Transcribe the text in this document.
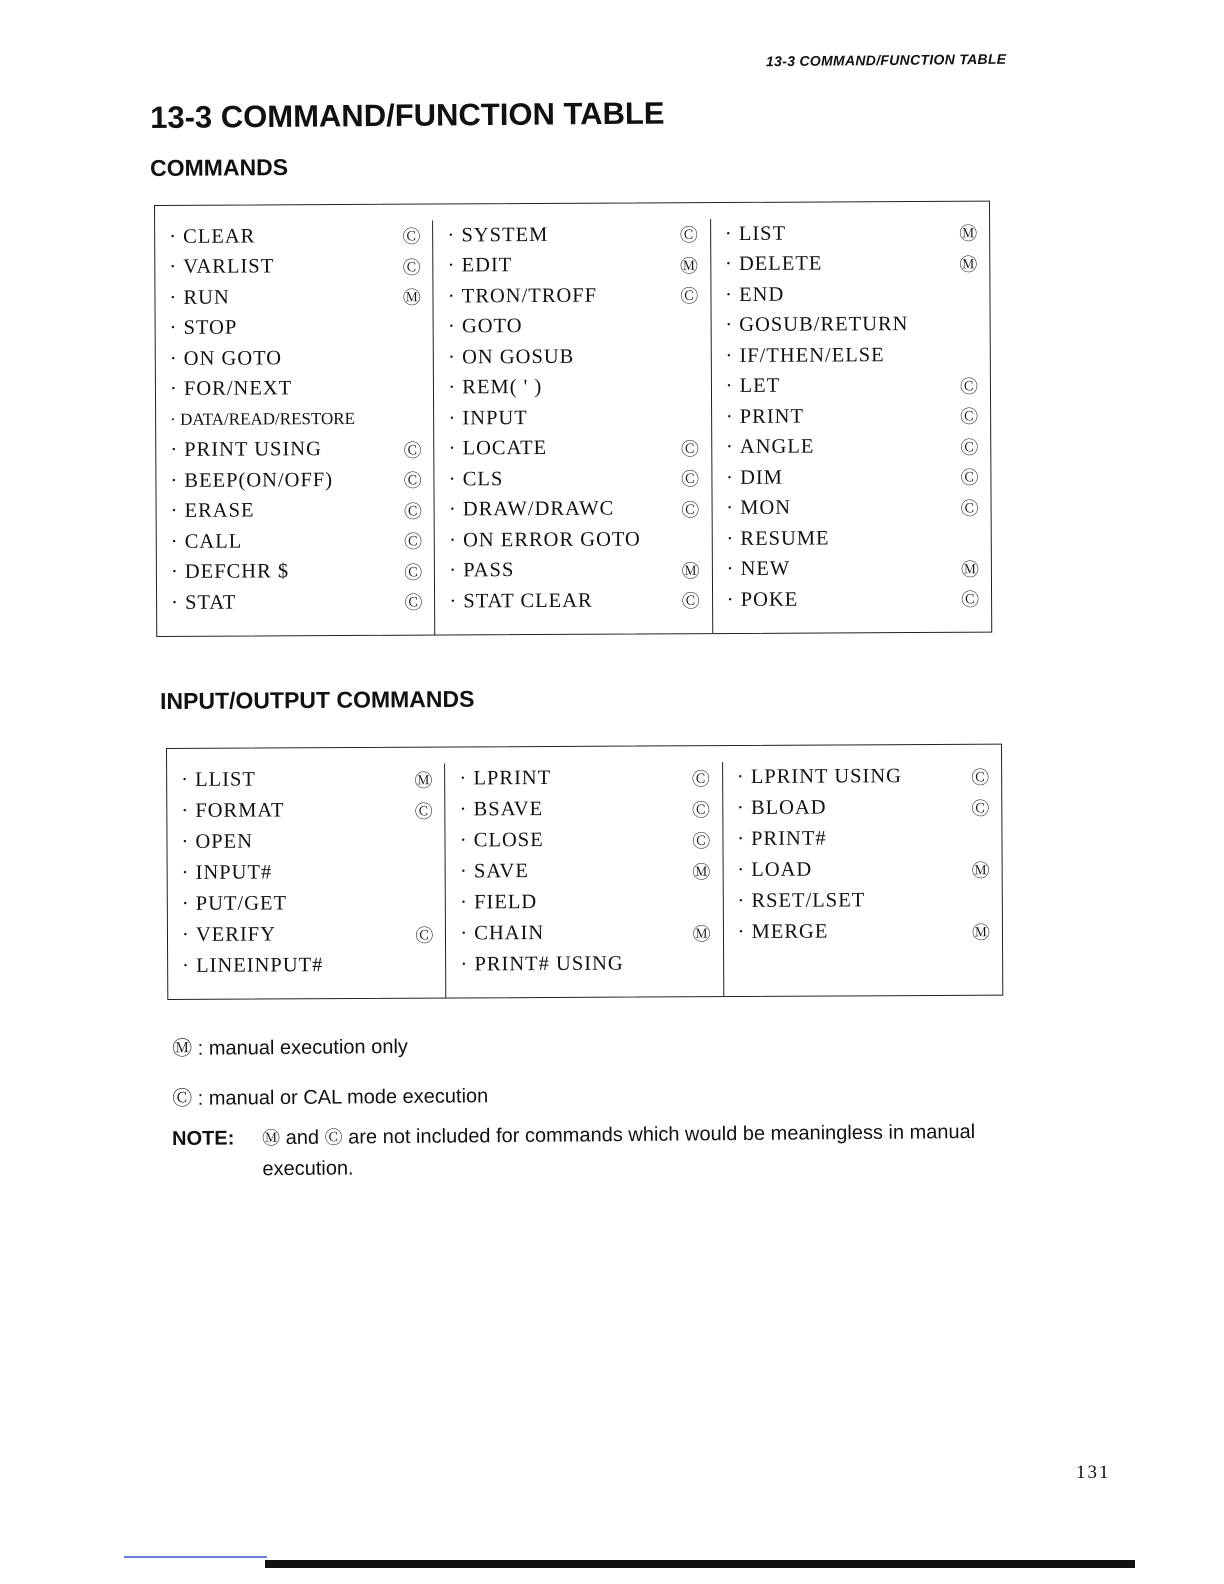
13-3 COMMAND/FUNCTION TABLE
13-3 COMMAND/FUNCTION TABLE
COMMANDS
· CLEAR	Ⓒ
· VARLIST	Ⓒ
· RUN	Ⓜ
· STOP
· ON GOTO
· FOR/NEXT
· DATA/READ/RESTORE
· PRINT USING	Ⓒ
· BEEP(ON/OFF)	Ⓒ
· ERASE	Ⓒ
· CALL	Ⓒ
· DEFCHR $	Ⓒ
· STAT	Ⓒ
· SYSTEM	Ⓒ
· EDIT	Ⓜ
· TRON/TROFF	Ⓒ
· GOTO
· ON GOSUB
· REM( ' )
· INPUT
· LOCATE	Ⓒ
· CLS	Ⓒ
· DRAW/DRAWC	Ⓒ
· ON ERROR GOTO
· PASS	Ⓜ
· STAT CLEAR	Ⓒ
· LIST	Ⓜ
· DELETE	Ⓜ
· END
· GOSUB/RETURN
· IF/THEN/ELSE
· LET	Ⓒ
· PRINT	Ⓒ
· ANGLE	Ⓒ
· DIM	Ⓒ
· MON	Ⓒ
· RESUME
· NEW	Ⓜ
· POKE	Ⓒ
INPUT/OUTPUT COMMANDS
· LLIST	Ⓜ
· FORMAT	Ⓒ
· OPEN
· INPUT#
· PUT/GET
· VERIFY	Ⓒ
· LINEINPUT#
· LPRINT	Ⓒ
· BSAVE	Ⓒ
· CLOSE	Ⓒ
· SAVE	Ⓜ
· FIELD
· CHAIN	Ⓜ
· PRINT# USING
· LPRINT USING	Ⓒ
· BLOAD	Ⓒ
· PRINT#
· LOAD	Ⓜ
· RSET/LSET
· MERGE	Ⓜ
Ⓜ : manual execution only
Ⓒ : manual or CAL mode execution
NOTE:	Ⓜ and Ⓒ are not included for commands which would be meaningless in manual execution.
131
